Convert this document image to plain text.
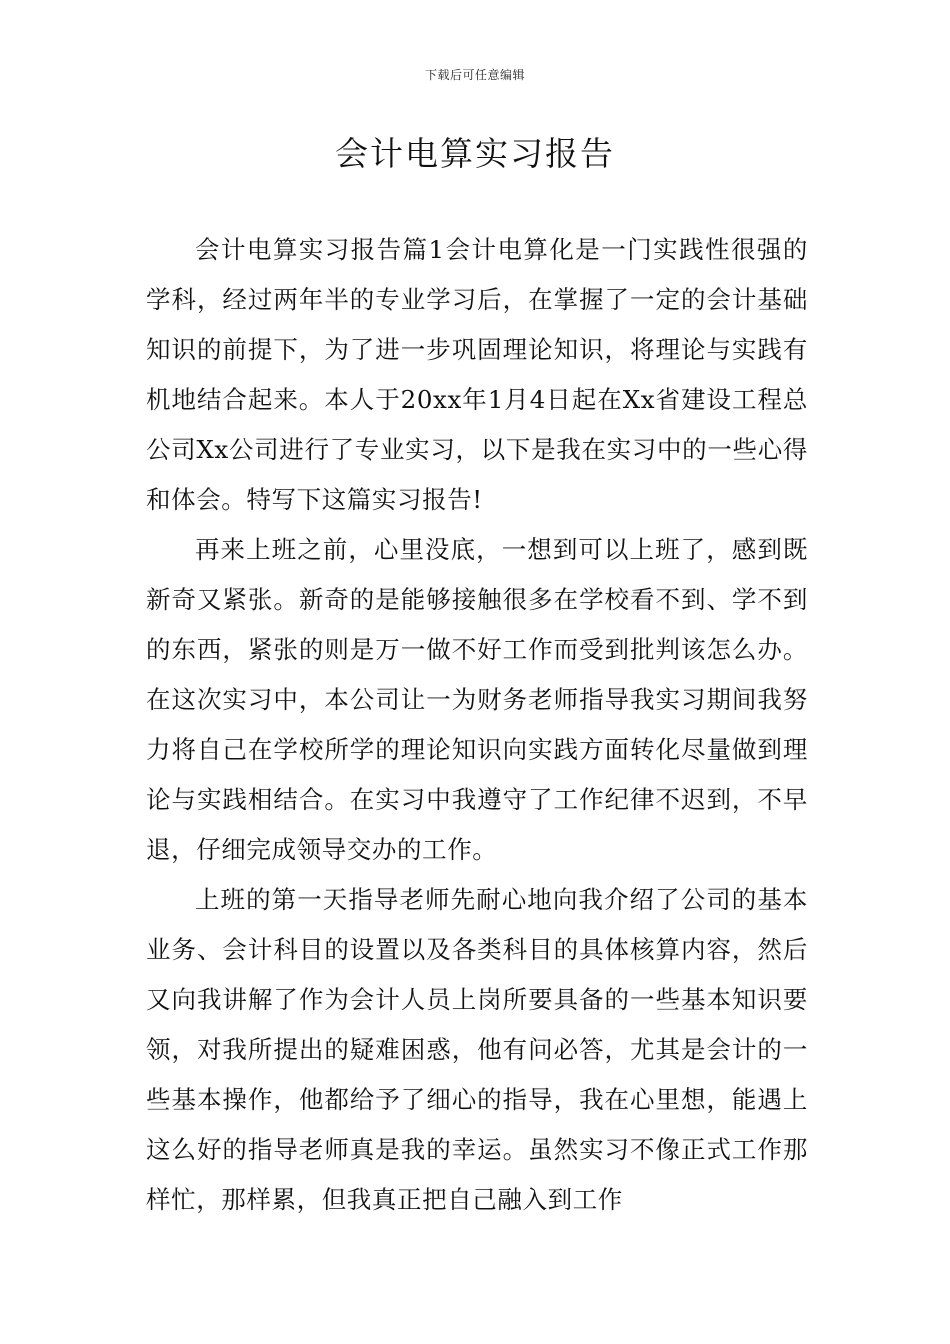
下载后可任意编辑
会计电算实习报告

会计电算实习报告篇1会计电算化是一门实践性很强的学科，经过两年半的专业学习后，在掌握了一定的会计基础知识的前提下，为了进一步巩固理论知识，将理论与实践有机地结合起来。本人于20xx年1月4日起在Xx省建设工程总公司Xx公司进行了专业实习，以下是我在实习中的一些心得和体会。特写下这篇实习报告!

再来上班之前，心里没底，一想到可以上班了，感到既新奇又紧张。新奇的是能够接触很多在学校看不到、学不到的东西，紧张的则是万一做不好工作而受到批判该怎么办。在这次实习中，本公司让一为财务老师指导我实习期间我努力将自己在学校所学的理论知识向实践方面转化尽量做到理论与实践相结合。在实习中我遵守了工作纪律不迟到，不早退，仔细完成领导交办的工作。

上班的第一天指导老师先耐心地向我介绍了公司的基本业务、会计科目的设置以及各类科目的具体核算内容，然后又向我讲解了作为会计人员上岗所要具备的一些基本知识要领，对我所提出的疑难困惑，他有问必答，尤其是会计的一些基本操作，他都给予了细心的指导，我在心里想，能遇上这么好的指导老师真是我的幸运。虽然实习不像正式工作那样忙，那样累，但我真正把自己融入到工作
